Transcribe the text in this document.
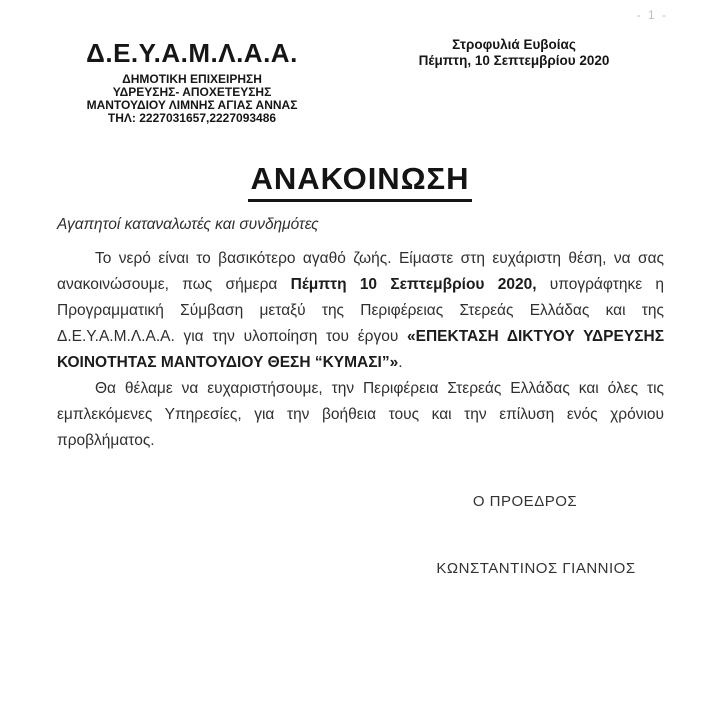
- 1 -
Δ.Ε.Υ.Α.Μ.Λ.Α.Α.
ΔΗΜΟΤΙΚΗ ΕΠΙΧΕΙΡΗΣΗ
ΥΔΡΕΥΣΗΣ- ΑΠΟΧΕΤΕΥΣΗΣ
ΜΑΝΤΟΥΔΙΟΥ ΛΙΜΝΗΣ ΑΓΙΑΣ ΑΝΝΑΣ
ΤΗΛ: 2227031657,2227093486
Στροφυλιά Ευβοίας
Πέμπτη, 10 Σεπτεμβρίου 2020
ΑΝΑΚΟΙΝΩΣΗ
Αγαπητοί καταναλωτές και συνδημότες

Το νερό είναι το βασικότερο αγαθό ζωής. Είμαστε στη ευχάριστη θέση, να σας ανακοινώσουμε, πως σήμερα Πέμπτη 10 Σεπτεμβρίου 2020, υπογράφτηκε η Προγραμματική Σύμβαση μεταξύ της Περιφέρειας Στερεάς Ελλάδας και της Δ.Ε.Υ.Α.Μ.Λ.Α.Α. για την υλοποίηση του έργου «ΕΠΕΚΤΑΣΗ ΔΙΚΤΥΟΥ ΥΔΡΕΥΣΗΣ ΚΟΙΝΟΤΗΤΑΣ ΜΑΝΤΟΥΔΙΟΥ ΘΕΣΗ “ΚΥΜΑΣΙ”».

Θα θέλαμε να ευχαριστήσουμε, την Περιφέρεια Στερεάς Ελλάδας και όλες τις εμπλεκόμενες Υπηρεσίες, για την βοήθεια τους και την επίλυση ενός χρόνιου προβλήματος.

Ο ΠΡΟΕΔΡΟΣ
ΚΩΝΣΤΑΝΤΙΝΟΣ ΓΙΑΝΝΙΟΣ
